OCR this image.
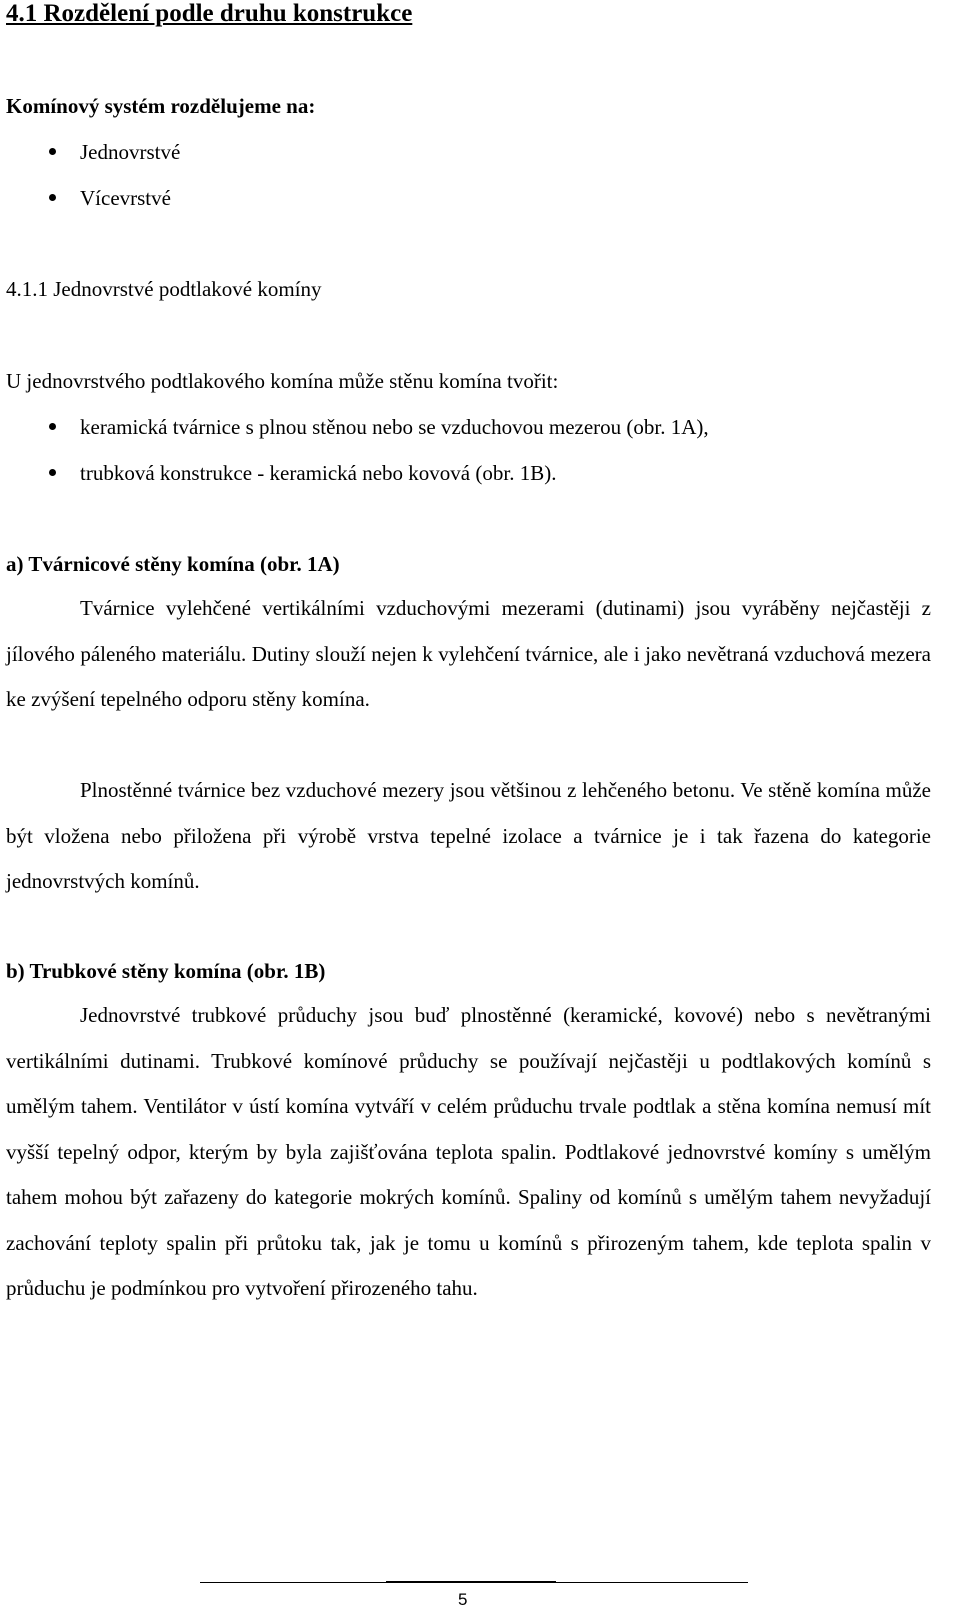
4.1 Rozdělení podle druhu konstrukce
Komínový systém rozdělujeme na:
Jednovrstvé
Vícevrstvé
4.1.1 Jednovrstvé podtlakové komíny
U jednovrstvého podtlakového komína může stěnu komína tvořit:
keramická tvárnice s plnou stěnou nebo se vzduchovou mezerou (obr. 1A),
trubková konstrukce - keramická nebo kovová (obr. 1B).
a) Tvárnicové stěny komína (obr. 1A)
Tvárnice vylehčené vertikálními vzduchovými mezerami (dutinami) jsou vyráběny nejčastěji z jílového páleného materiálu. Dutiny slouží nejen k vylehčení tvárnice, ale i jako nevětraná vzduchová mezera ke zvýšení tepelného odporu stěny komína.
Plnostěnné tvárnice bez vzduchové mezery jsou většinou z lehčeného betonu. Ve stěně komína může být vložena nebo přiložena při výrobě vrstva tepelné izolace a tvárnice je i tak řazena do kategorie jednovrstvých komínů.
b) Trubkové stěny komína (obr. 1B)
Jednovrstvé trubkové průduchy jsou buď plnostěnné (keramické, kovové) nebo s nevětranými vertikálními dutinami. Trubkové komínové průduchy se používají nejčastěji u podtlakových komínů s umělým tahem. Ventilátor v ústí komína vytváří v celém průduchu trvale podtlak a stěna komína nemusí mít vyšší tepelný odpor, kterým by byla zajišťována teplota spalin. Podtlakové jednovrstvé komíny s umělým tahem mohou být zařazeny do kategorie mokrých komínů. Spaliny od komínů s umělým tahem nevyžadují zachování teploty spalin při průtoku tak, jak je tomu u komínů s přirozeným tahem, kde teplota spalin v průduchu je podmínkou pro vytvoření přirozeného tahu.
5
